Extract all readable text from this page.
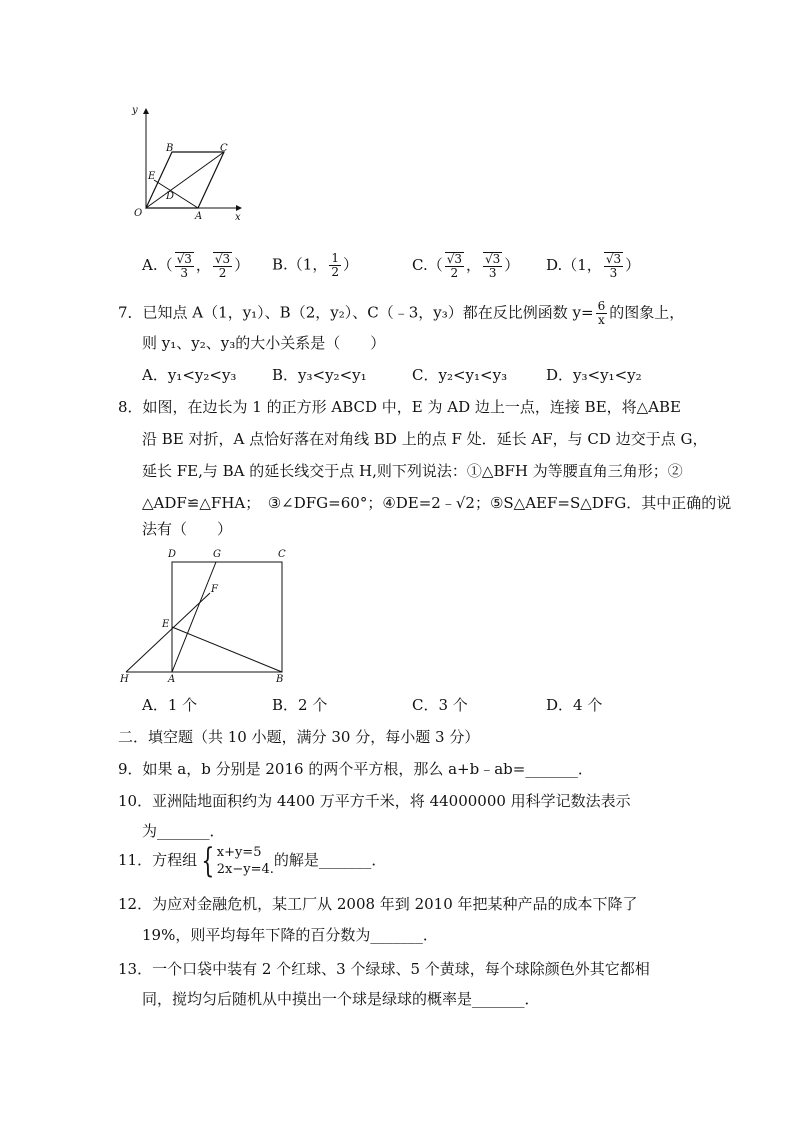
y
x
O	A
B	C
D
E
$A.( \frac{√3}{3}$ ， $\frac{√3}{2}$ ） B.（1， $\frac{1}{2}$ ）	$C.( \frac{√3}{2}$ ， $\frac{√3}{3}$ ） D.（1， $\frac{√3}{3}$ ）
7．已知点 A（1，y₁）、B（2，y₂）、C（﹣3，y₃）都在反比例函数 $y= \frac{6}{x}$ 的图象上，
则 y₁、y₂、y₃的大小关系是（　　）
A．y₁<y₂<y₃ B．y₃<y₂<y₁	C．y₂<y₁<y₃	D．y₃<y₁<y₂
8．如图，在边长为 1 的正方形 ABCD 中，E 为 AD 边上一点，连接 BE，将△ABE
沿 BE 对折，A 点恰好落在对角线 BD 上的点 F 处．延长 AF，与 CD 边交于点 G，
延长 FE,与 BA 的延长线交于点 H,则下列说法：①△BFH 为等腰直角三角形；②
△ADF≌△FHA；　③∠DFG=60°；④DE=2﹣√2；⑤S△AEF=S△DFG．其中正确的说
法有（　　）
D	G	C
F
E
H	A	B
A．1 个	B．2 个	C．3 个	D．4 个
二．填空题（共 10 小题，满分 30 分，每小题 3 分）
9．如果 a，b 分别是 2016 的两个平方根，那么 a+b﹣ab=_______．
10．亚洲陆地面积约为 4400 万平方千米，将 44000000 用科学记数法表示
为_______．
11．方程组 { x+y=5
2x−y=4.
的解是_______．
12．为应对金融危机，某工厂从 2008 年到 2010 年把某种产品的成本下降了
19%，则平均每年下降的百分数为_______．
13．一个口袋中装有 2 个红球、3 个绿球、5 个黄球，每个球除颜色外其它都相
同，搅均匀后随机从中摸出一个球是绿球的概率是_______．
